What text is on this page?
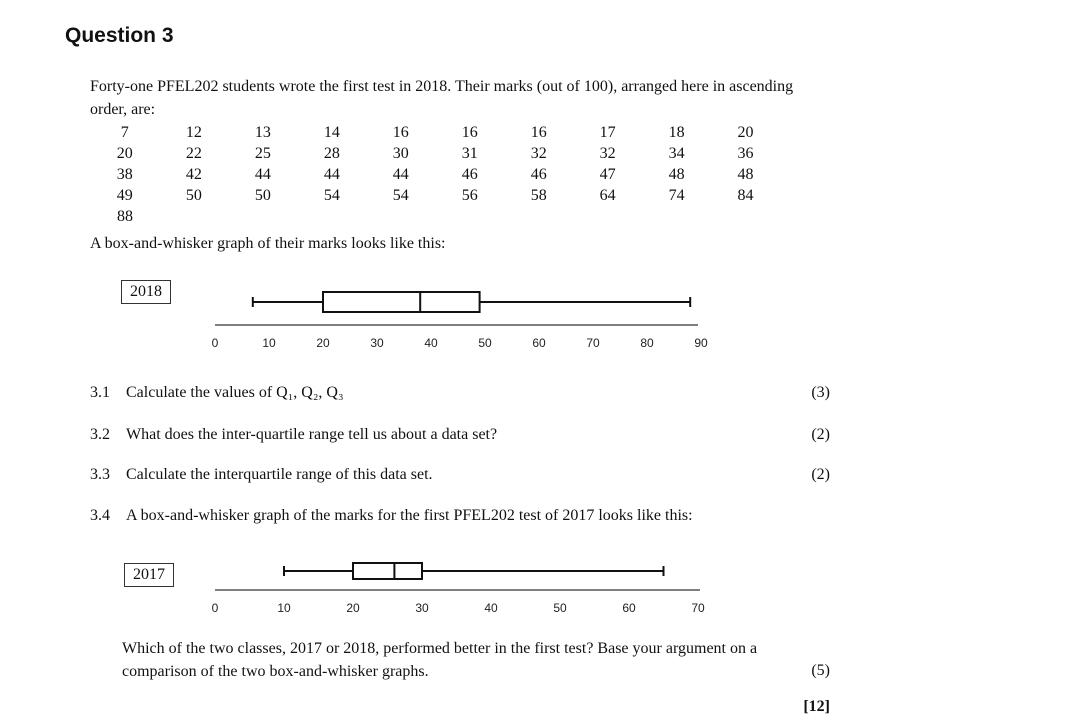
Question 3
Forty-one PFEL202 students wrote the first test in 2018. Their marks (out of 100), arranged here in ascending order, are:
7	12	13	14	16	16	16	17	18	20
20	22	25	28	30	31	32	32	34	36
38	42	44	44	44	46	46	47	48	48
49	50	50	54	54	56	58	64	74	84
88
A box-and-whisker graph of their marks looks like this:
2018
0	10	20	30	40	50	60	70	80	90
3.1 Calculate the values of Q₁, Q₂, Q₃	(3)
3.2 What does the inter-quartile range tell us about a data set?	(2)
3.3 Calculate the interquartile range of this data set.	(2)
3.4 A box-and-whisker graph of the marks for the first PFEL202 test of 2017 looks like this:
2017
0	10	20	30	40	50	60	70
Which of the two classes, 2017 or 2018, performed better in the first test? Base your argument on a comparison of the two box-and-whisker graphs.	(5)
[12]
